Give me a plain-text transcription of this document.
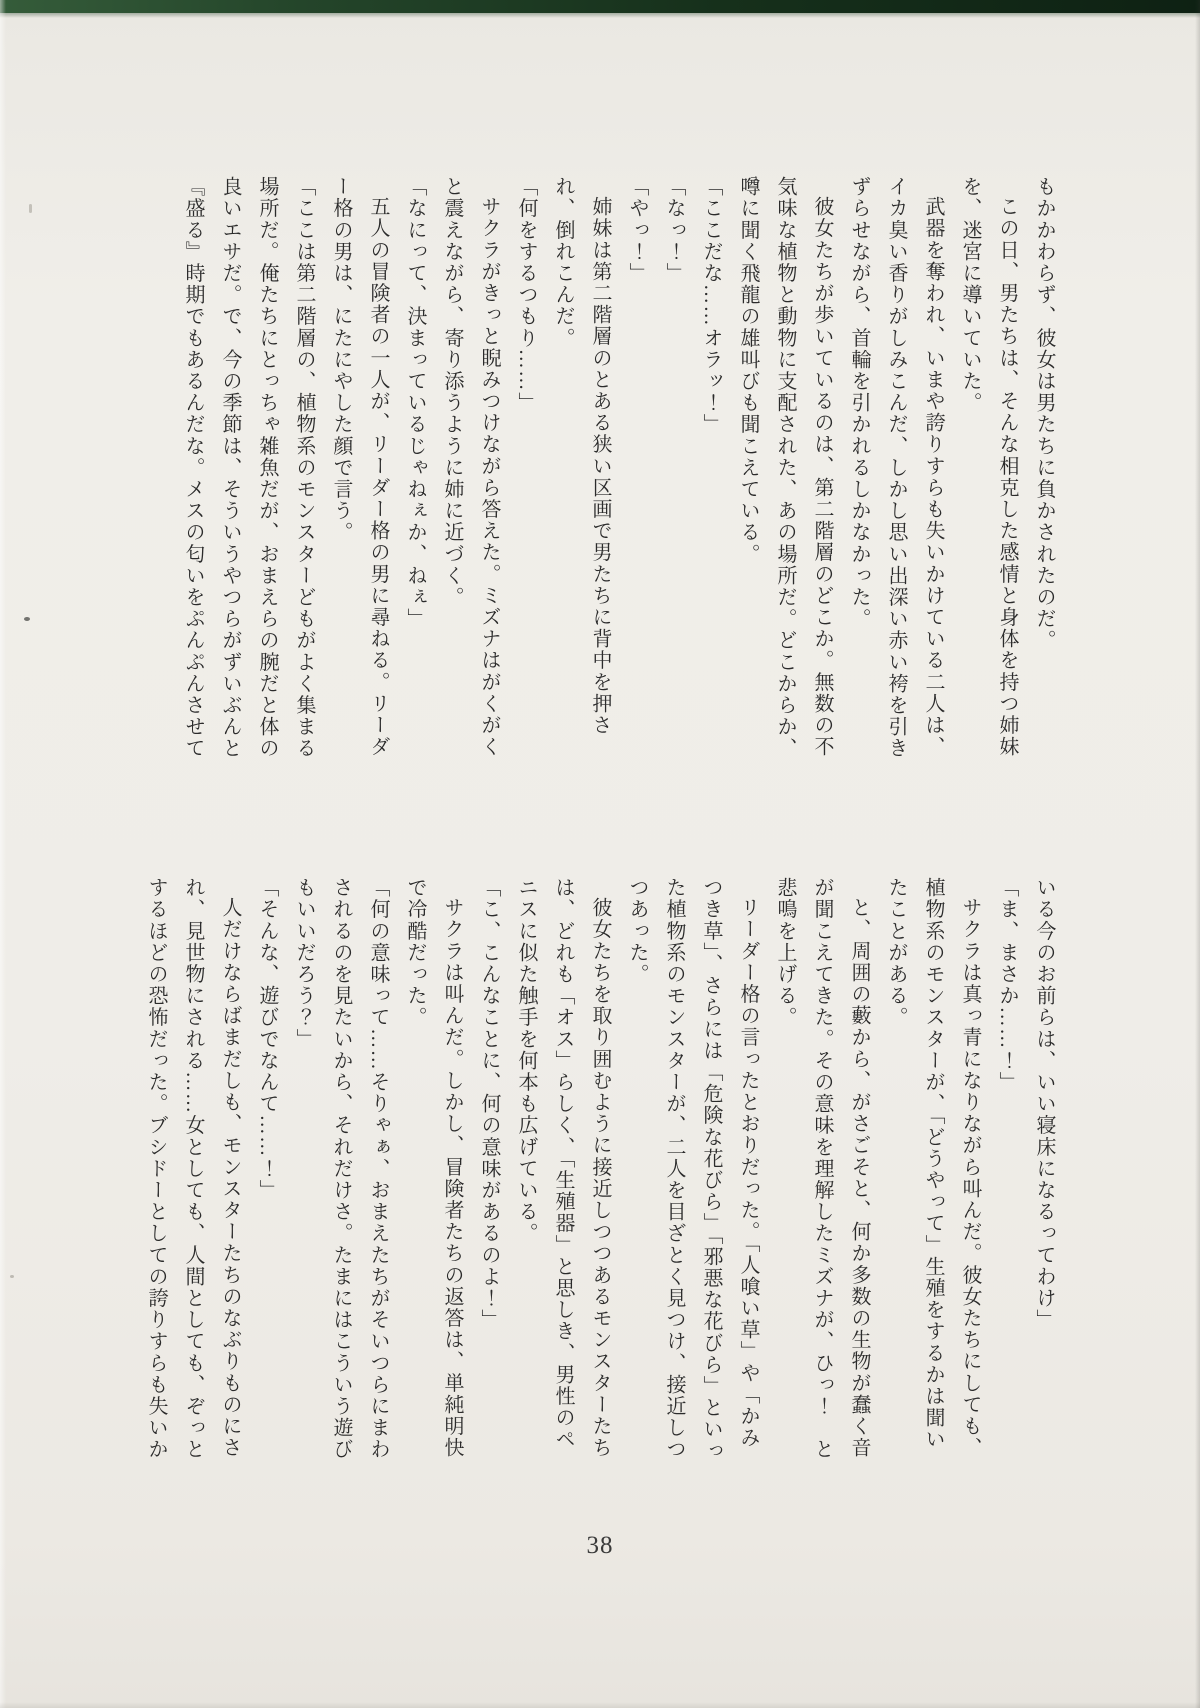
もかかわらず、彼女は男たちに負かされたのだ。

この日、男たちは、そんな相克した感情と身体を持つ姉妹を、迷宮に導いていた。

武器を奪われ、いまや誇りすらも失いかけている二人は、イカ臭い香りがしみこんだ、しかし思い出深い赤い袴を引きずらせながら、首輪を引かれるしかなかった。

彼女たちが歩いているのは、第二階層のどこか。無数の不気味な植物と動物に支配された、あの場所だ。どこからか、噂に聞く飛龍の雄叫びも聞こえている。

「ここだな……オラッ！」

「なっ！」

「やっ！」

姉妹は第二階層のとある狭い区画で男たちに背中を押され、倒れこんだ。

「何をするつもり……」

サクラがきっと睨みつけながら答えた。ミズナはがくがくと震えながら、寄り添うように姉に近づく。

「なにって、決まっているじゃねぇか、ねぇ」

五人の冒険者の一人が、リーダー格の男に尋ねる。リーダー格の男は、にたにやした顔で言う。

「ここは第二階層の、植物系のモンスターどもがよく集まる場所だ。俺たちにとっちゃ雑魚だが、おまえらの腕だと体の良いエサだ。で、今の季節は、そういうやつらがずいぶんと『盛る』時期でもあるんだな。メスの匂いをぷんぷんさせて

いる今のお前らは、いい寝床になるってわけ」

「ま、まさか……！」

サクラは真っ青になりながら叫んだ。彼女たちにしても、植物系のモンスターが、「どうやって」生殖をするかは聞いたことがある。

と、周囲の藪から、がさごそと、何か多数の生物が蠢く音が聞こえてきた。その意味を理解したミズナが、ひっ！　と悲鳴を上げる。

リーダー格の言ったとおりだった。「人喰い草」や「かみつき草」、さらには「危険な花びら」「邪悪な花びら」といった植物系のモンスターが、二人を目ざとく見つけ、接近しつつあった。

彼女たちを取り囲むように接近しつつあるモンスターたちは、どれも「オス」らしく、「生殖器」と思しき、男性のペニスに似た触手を何本も広げている。

「こ、こんなことに、何の意味があるのよ！」

サクラは叫んだ。しかし、冒険者たちの返答は、単純明快で冷酷だった。

「何の意味って……そりゃぁ、おまえたちがそいつらにまわされるのを見たいから、それだけさ。たまにはこういう遊びもいいだろう？」

「そんな、遊びでなんて……！」

人だけならばまだしも、モンスターたちのなぶりものにされ、見世物にされる……女としても、人間としても、ぞっとするほどの恐怖だった。ブシドーとしての誇りすらも失いか

38
